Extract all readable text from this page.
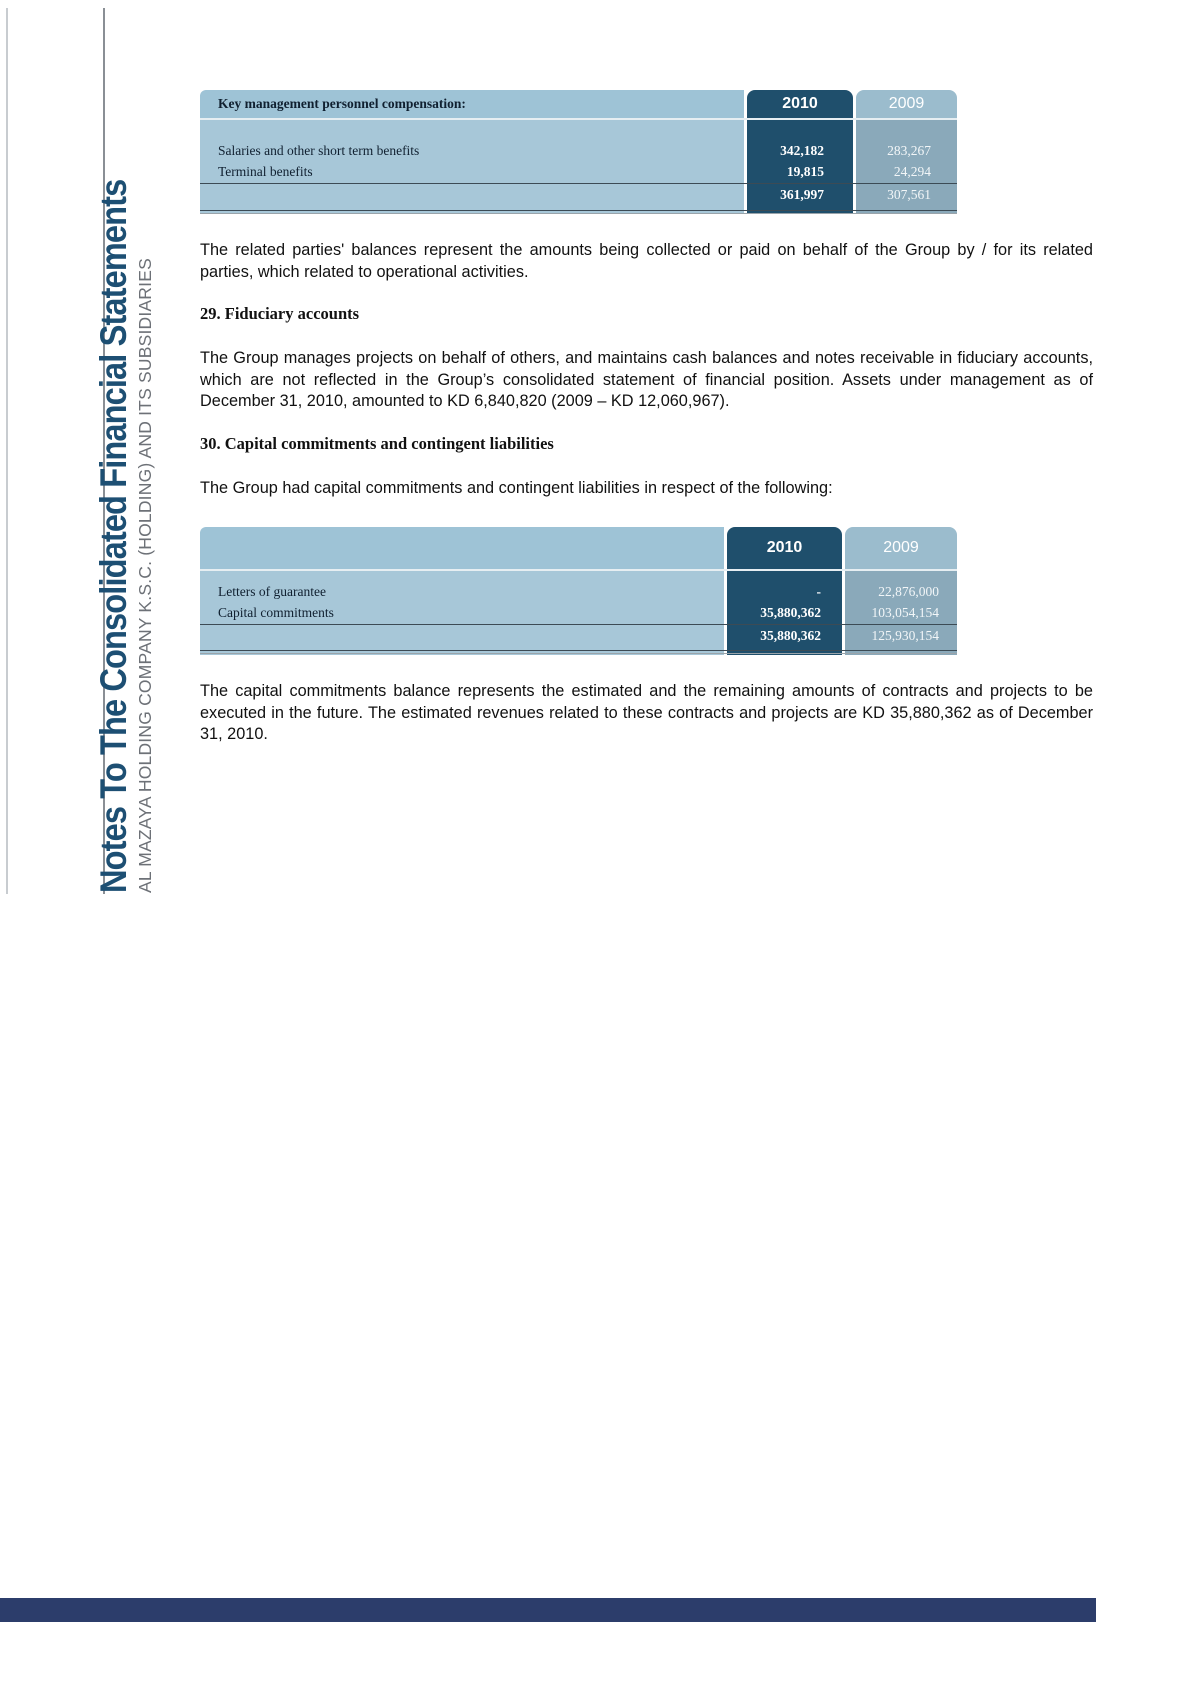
Notes To The Consolidated Financial Statements AL MAZAYA HOLDING COMPANY K.S.C. (HOLDING) AND ITS SUBSIDIARIES
Key management personnel compensation:	2010	2009
Salaries and other short term benefits	342,182	283,267
Terminal benefits	19,815	24,294
361,997	307,561
The related parties' balances represent the amounts being collected or paid on behalf of the Group by / for its related parties, which related to operational activities.
29. Fiduciary accounts
The Group manages projects on behalf of others, and maintains cash balances and notes receivable in fiduciary accounts, which are not reflected in the Group’s consolidated statement of financial position. Assets under management as of December 31, 2010, amounted to KD 6,840,820 (2009 – KD 12,060,967).
30. Capital commitments and contingent liabilities
The Group had capital commitments and contingent liabilities in respect of the following:
2010	2009
Letters of guarantee	-	22,876,000
Capital commitments	35,880,362	103,054,154
35,880,362	125,930,154
The capital commitments balance represents the estimated and the remaining amounts of contracts and projects to be executed in the future. The estimated revenues related to these contracts and projects are KD 35,880,362 as of December 31, 2010.
